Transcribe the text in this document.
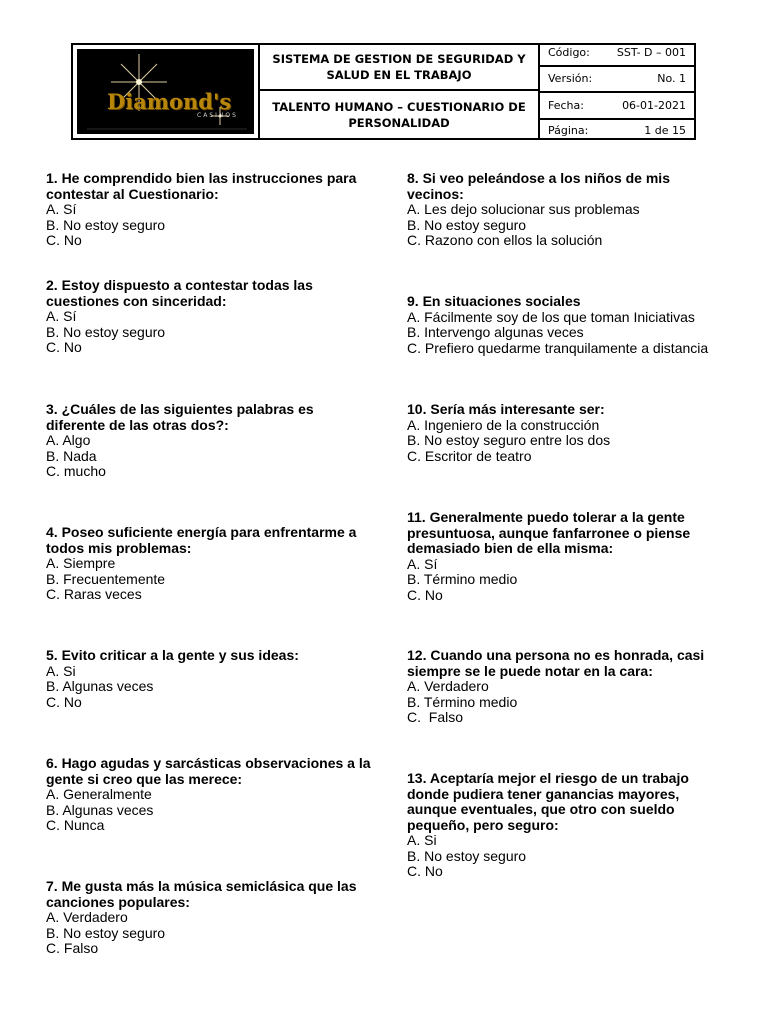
Diamond's
CASINOS
SISTEMA DE GESTION DE SEGURIDAD Y SALUD EN EL TRABAJO
TALENTO HUMANO – CUESTIONARIO DE PERSONALIDAD
Código: SST- D – 001
Versión:	No. 1
Fecha:	06-01-2021
Página:	1 de 15
1. He comprendido bien las instrucciones para contestar al Cuestionario:
A. Sí
B. No estoy seguro
C. No
2. Estoy dispuesto a contestar todas las cuestiones con sinceridad:
A. Sí
B. No estoy seguro
C. No
3. ¿Cuáles de las siguientes palabras es diferente de las otras dos?:
A. Algo
B. Nada
C. mucho
4. Poseo suficiente energía para enfrentarme a todos mis problemas:
A. Siempre
B. Frecuentemente
C. Raras veces
5. Evito criticar a la gente y sus ideas:
A. Si
B. Algunas veces
C. No
6. Hago agudas y sarcásticas observaciones a la gente si creo que las merece:
A. Generalmente
B. Algunas veces
C. Nunca
7. Me gusta más la música semiclásica que las canciones populares:
A. Verdadero
B. No estoy seguro
C. Falso
8. Si veo peleándose a los niños de mis vecinos:
A. Les dejo solucionar sus problemas
B. No estoy seguro
C. Razono con ellos la solución
9. En situaciones sociales
A. Fácilmente soy de los que toman Iniciativas
B. Intervengo algunas veces
C. Prefiero quedarme tranquilamente a distancia
10. Sería más interesante ser:
A. Ingeniero de la construcción
B. No estoy seguro entre los dos
C. Escritor de teatro
11. Generalmente puedo tolerar a la gente presuntuosa, aunque fanfarronee o piense demasiado bien de ella misma:
A. Sí
B. Término medio
C. No
12. Cuando una persona no es honrada, casi siempre se le puede notar en la cara:
A. Verdadero
B. Término medio
C.  Falso
13. Aceptaría mejor el riesgo de un trabajo donde pudiera tener ganancias mayores, aunque eventuales, que otro con sueldo pequeño, pero seguro:
A. Si
B. No estoy seguro
C. No
